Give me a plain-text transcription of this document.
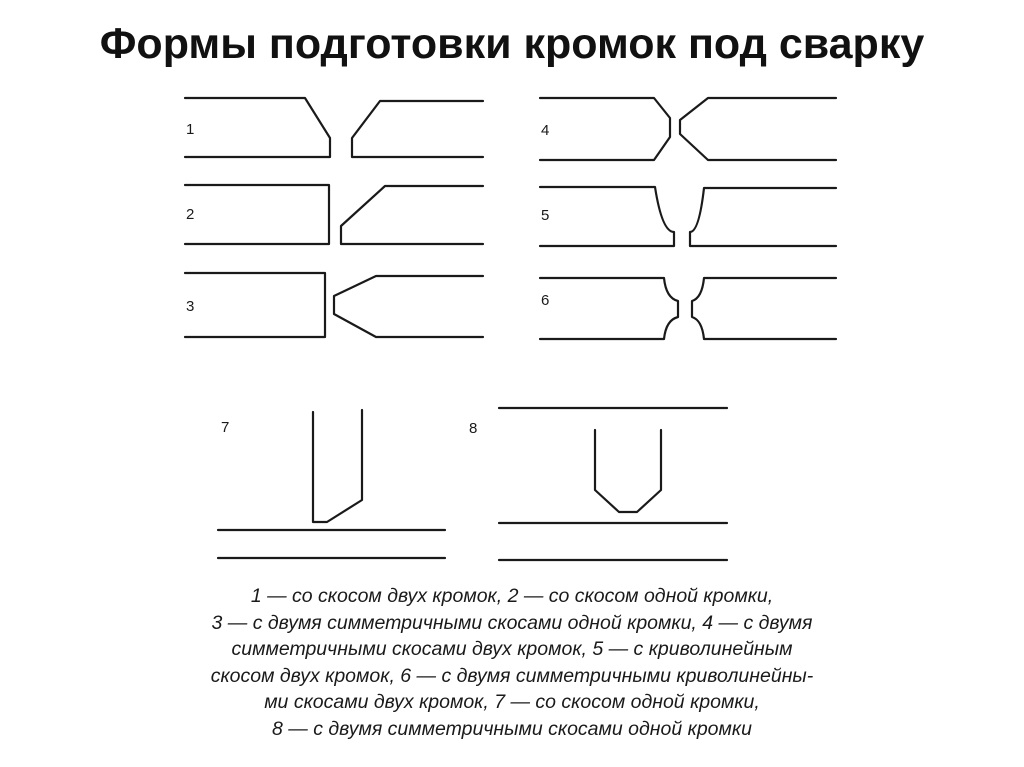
Формы подготовки кромок под сварку
1
2
3
4
5
6
7	8
1 — со скосом двух кромок, 2 — со скосом одной кромки,
3 — с двумя симметричными скосами одной кромки, 4 — с двумя
симметричными скосами двух кромок, 5 — с криволинейным
скосом двух кромок, 6 — с двумя симметричными криволинейны-
ми скосами двух кромок, 7 — со скосом одной кромки,
8 — с двумя симметричными скосами одной кромки
